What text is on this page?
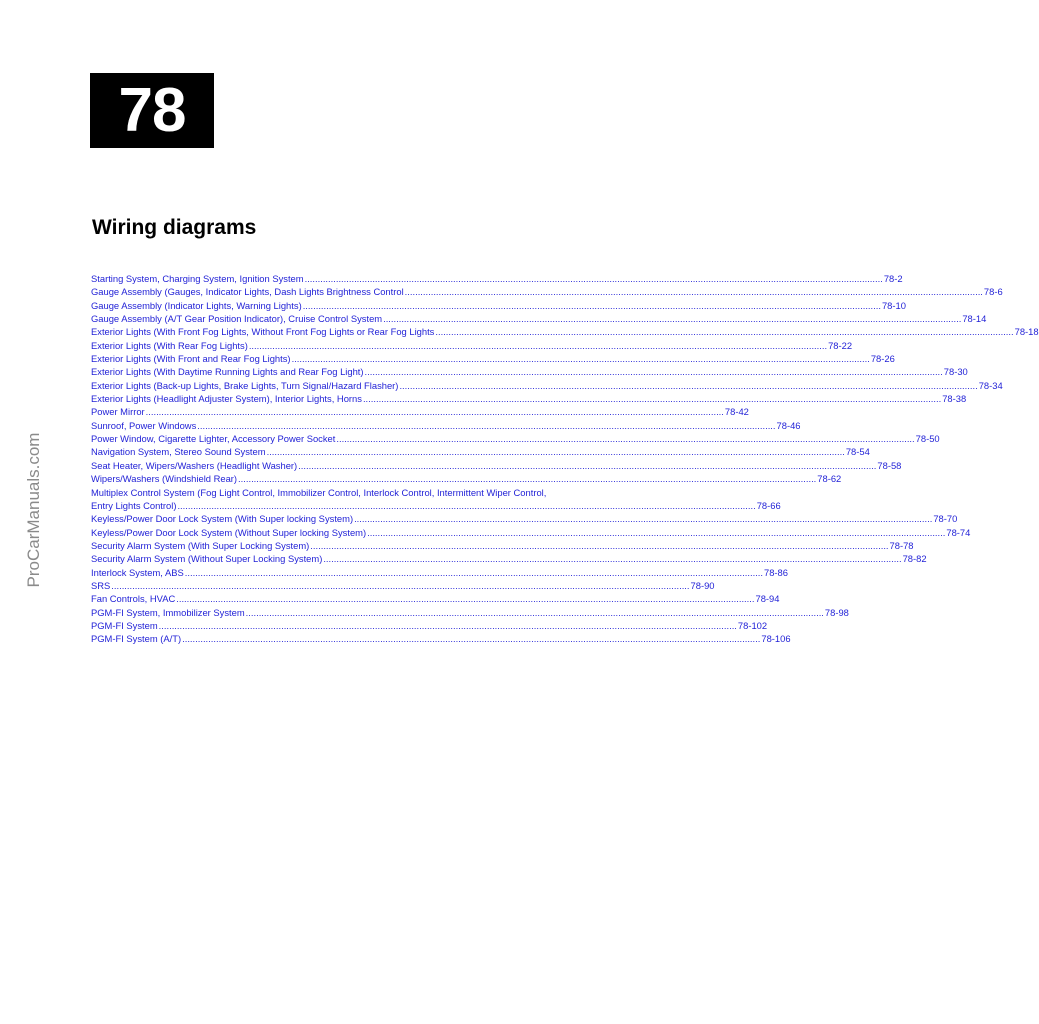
78
Wiring diagrams
Starting System, Charging System, Ignition System .....	78-2
Gauge Assembly (Gauges, Indicator Lights, Dash Lights Brightness Control .....	78-6
Gauge Assembly (Indicator Lights, Warning Lights) .....	78-10
Gauge Assembly (A/T Gear Position Indicator), Cruise Control System .....	78-14
Exterior Lights (With Front Fog Lights, Without Front Fog Lights or Rear Fog Lights .....	78-18
Exterior Lights (With Rear Fog Lights) .....	78-22
Exterior Lights (With Front and Rear Fog Lights) .....	78-26
Exterior Lights (With Daytime Running Lights and Rear Fog Light) .....	78-30
Exterior Lights (Back-up Lights, Brake Lights, Turn Signal/Hazard Flasher) .....	78-34
Exterior Lights (Headlight Adjuster System), Interior Lights, Horns .....	78-38
Power Mirror .....	78-42
Sunroof, Power Windows .....	78-46
Power Window, Cigarette Lighter, Accessory Power Socket .....	78-50
Navigation System, Stereo Sound System .....	78-54
Seat Heater, Wipers/Washers (Headlight Washer) .....	78-58
Wipers/Washers (Windshield Rear) .....	78-62
Multiplex Control System (Fog Light Control, Immobilizer Control, Interlock Control, Intermittent Wiper Control,
Entry Lights Control) .....	78-66
Keyless/Power Door Lock System (With Super locking System) .....	78-70
Keyless/Power Door Lock System (Without Super locking System) .....	78-74
Security Alarm System (With Super Locking System) .....	78-78
Security Alarm System (Without Super Locking System) .....	78-82
Interlock System, ABS .....	78-86
SRS .....	78-90
Fan Controls, HVAC .....	78-94
PGM-FI System, Immobilizer System .....	78-98
PGM-FI System .....	78-102
PGM-FI System (A/T) .....	78-106
ProCarManuals.com
